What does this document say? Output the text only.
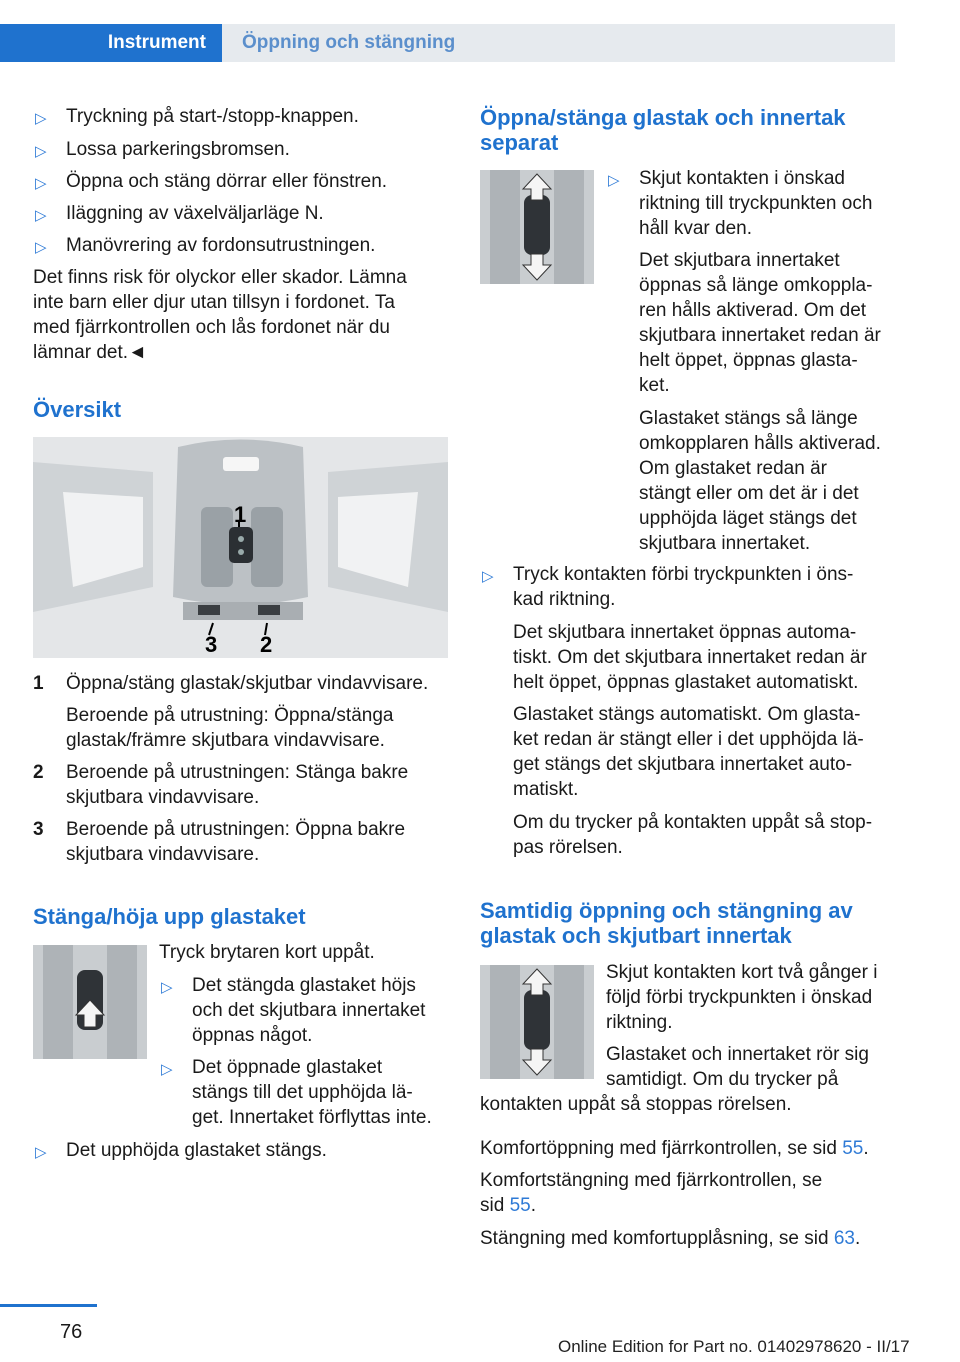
Instrument	Öppning och stängning
▷ Tryckning på start-/stopp-knappen.
▷ Lossa parkeringsbromsen.
▷ Öppna och stäng dörrar eller fönstren.
▷ Iläggning av växelväljarläge N.
▷ Manövrering av fordonsutrustningen.
Det finns risk för olyckor eller skador. Lämna
inte barn eller djur utan tillsyn i fordonet. Ta
med fjärrkontrollen och lås fordonet när du
lämnar det.◄
Översikt
1
3 2
1 Öppna/stäng glastak/skjutbar vindavvisare.
Beroende på utrustning: Öppna/stänga
glastak/främre skjutbara vindavvisare.
2 Beroende på utrustningen: Stänga bakre
skjutbara vindavvisare.
3 Beroende på utrustningen: Öppna bakre
skjutbara vindavvisare.
Stänga/höja upp glastaket
Tryck brytaren kort uppåt.
▷ Det stängda glastaket höjs
och det skjutbara innertaket
öppnas något.
▷ Det öppnade glastaket
stängs till det upphöjda lä-
get. Innertaket förflyttas inte.
▷ Det upphöjda glastaket stängs.
Öppna/stänga glastak och innertak
separat
▷ Skjut kontakten i önskad
riktning till tryckpunkten och
håll kvar den.
Det skjutbara innertaket
öppnas så länge omkoppla-
ren hålls aktiverad. Om det
skjutbara innertaket redan är
helt öppet, öppnas glasta-
ket.
Glastaket stängs så länge
omkopplaren hålls aktiverad.
Om glastaket redan är
stängt eller om det är i det
upphöjda läget stängs det
skjutbara innertaket.
▷ Tryck kontakten förbi tryckpunkten i öns-
kad riktning.
Det skjutbara innertaket öppnas automa-
tiskt. Om det skjutbara innertaket redan är
helt öppet, öppnas glastaket automatiskt.
Glastaket stängs automatiskt. Om glasta-
ket redan är stängt eller i det upphöjda lä-
get stängs det skjutbara innertaket auto-
matiskt.
Om du trycker på kontakten uppåt så stop-
pas rörelsen.
Samtidig öppning och stängning av
glastak och skjutbart innertak
Skjut kontakten kort två gånger i
följd förbi tryckpunkten i önskad
riktning.
Glastaket och innertaket rör sig
samtidigt. Om du trycker på
kontakten uppåt så stoppas rörelsen.
Komfortöppning med fjärrkontrollen, se sid 55.
Komfortstängning med fjärrkontrollen, se
sid 55.
Stängning med komfortupplåsning, se sid 63.
76
Online Edition for Part no. 01402978620 - II/17
